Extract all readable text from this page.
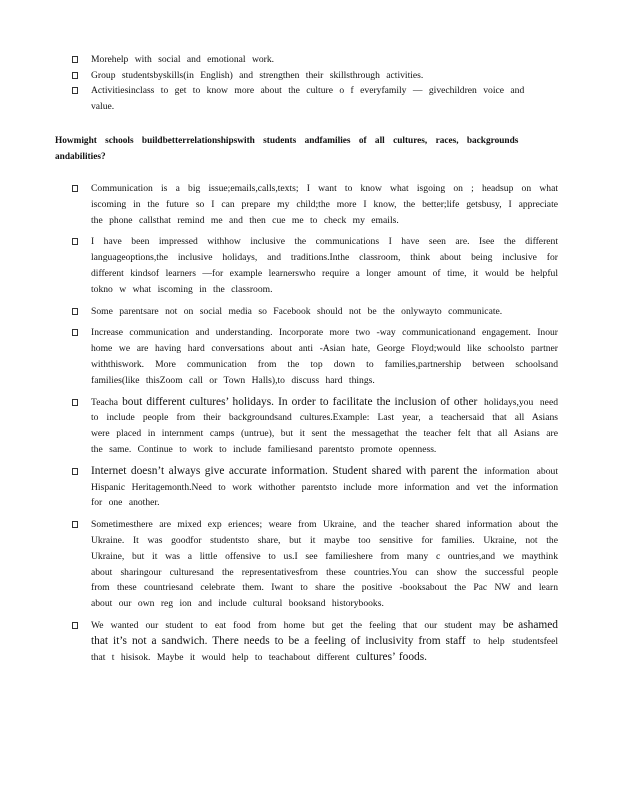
Morehelp with social and emotional work.
Group studentsbyskills(in English) and strengthen their skillsthrough activities.
Activitiesinclass to get to know more about the culture o f everyfamily — givechildren voice and value.
Howmight schools buildbetterrelationshipswith students andfamilies of all cultures, races, backgrounds andabilities?
Communication is a big issue;emails,calls,texts; I want to know what isgoing on ; headsup on what iscoming in the future so I can prepare my child;the more I know, the better;life getsbusy, I appreciate the phone callsthat remind me and then cue me to check my emails.
I have been impressed withhow inclusive the communications I have seen are. Isee the different languageoptions,the inclusive holidays, and traditions.Inthe classroom, think about being inclusive for different kindsof learners —for example learnerswho require a longer amount of time, it would be helpful tokno w what iscoming in the classroom.
Some parentsare not on social media so Facebook should not be the onlywayto communicate.
Increase communication and understanding. Incorporate more two -way communicationand engagement. Inour home we are having hard conversations about anti -Asian hate, George Floyd;would like schoolsto partner withthiswork. More communication from the top down to families,partnership between schoolsand families(like thisZoom call or Town Halls),to discuss hard things.
Teacha bout different cultures’ holidays. In order to facilitate the inclusion of other holidays,you need to include people from their backgroundsand cultures.Example: Last year, a teachersaid that all Asians were placed in internment camps (untrue), but it sent the messagethat the teacher felt that all Asians are the same. Continue to work to include familiesand parentsto promote openness.
Internet doesn’t always give accurate information. Student shared with parent the information about Hispanic Heritagemonth.Need to work withother parentsto include more information and vet the information for one another.
Sometimesthere are mixed exp eriences; weare from Ukraine, and the teacher shared information about the Ukraine. It was goodfor studentsto share, but it maybe too sensitive for families. Ukraine, not the Ukraine, but it was a little offensive to us.I see familieshere from many c ountries,and we maythink about sharingour culturesand the representativesfrom these countries.You can show the successful people from these countriesand celebrate them. Iwant to share the positive -booksabout the Pac NW and learn about our own reg ion and include cultural booksand historybooks.
We wanted our student to eat food from home but get the feeling that our student may be ashamed that it’s not a sandwich. There needs to be a feeling of inclusivity from staff to help studentsfeel that t hisisok. Maybe it would help to teachabout different cultures’ foods.
